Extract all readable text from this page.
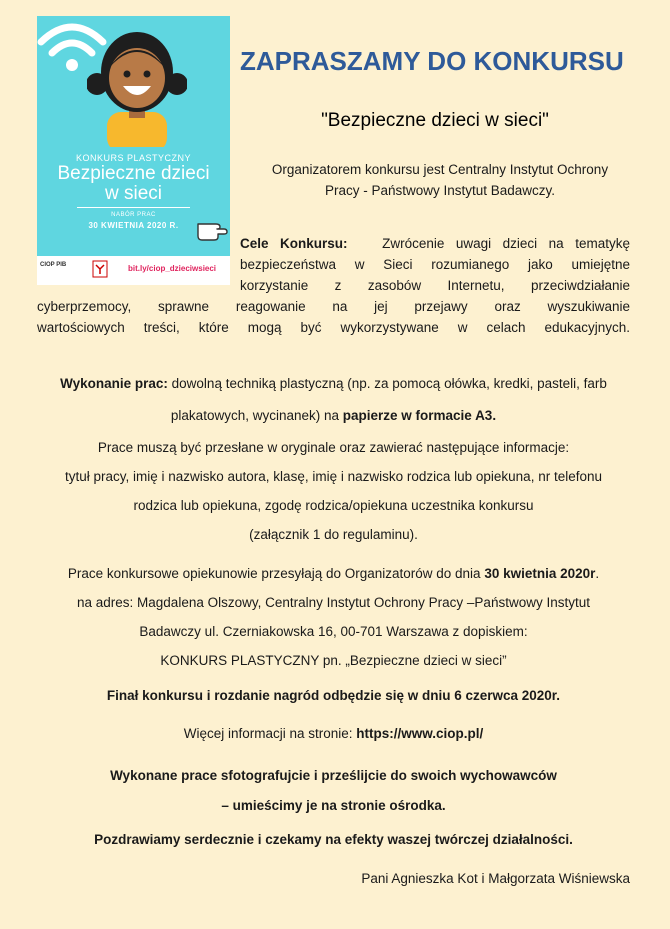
KONKURS PLASTYCZNY
Bezpieczne dzieci
w sieci
NABÓR PRAC
30 KWIETNIA 2020 R.
CIOP PIB	bit.ly/ciop_dzieciwsieci
ZAPRASZAMY DO KONKURSU
"Bezpieczne dzieci w sieci"
Organizatorem konkursu jest Centralny Instytut Ochrony
Pracy - Państwowy Instytut Badawczy.
Cele Konkursu:	Zwrócenie uwagi dzieci na tematykę
bezpieczeństwa w Sieci rozumianego jako umiejętne
korzystanie z zasobów Internetu, przeciwdziałanie
cyberprzemocy, sprawne reagowanie na jej przejawy oraz wyszukiwanie
wartościowych treści, które mogą być wykorzystywane w celach edukacyjnych.
Wykonanie prac: dowolną techniką plastyczną (np. za pomocą ołówka, kredki, pasteli, farb
plakatowych, wycinanek) na papierze w formacie A3.
Prace muszą być przesłane w oryginale oraz zawierać następujące informacje:
tytuł pracy, imię i nazwisko autora, klasę, imię i nazwisko rodzica lub opiekuna, nr telefonu
rodzica lub opiekuna, zgodę rodzica/opiekuna uczestnika konkursu
(załącznik 1 do regulaminu).
Prace konkursowe opiekunowie przesyłają do Organizatorów do dnia 30 kwietnia 2020r.
na adres: Magdalena Olszowy, Centralny Instytut Ochrony Pracy –Państwowy Instytut
Badawczy ul. Czerniakowska 16, 00-701 Warszawa z dopiskiem:
KONKURS PLASTYCZNY pn. „Bezpieczne dzieci w sieci”
Finał konkursu i rozdanie nagród odbędzie się w dniu 6 czerwca 2020r.
Więcej informacji na stronie: https://www.ciop.pl/
Wykonane prace sfotografujcie i prześlijcie do swoich wychowawców
– umieścimy je na stronie ośrodka.
Pozdrawiamy serdecznie i czekamy na efekty waszej twórczej działalności.
Pani Agnieszka Kot i Małgorzata Wiśniewska
